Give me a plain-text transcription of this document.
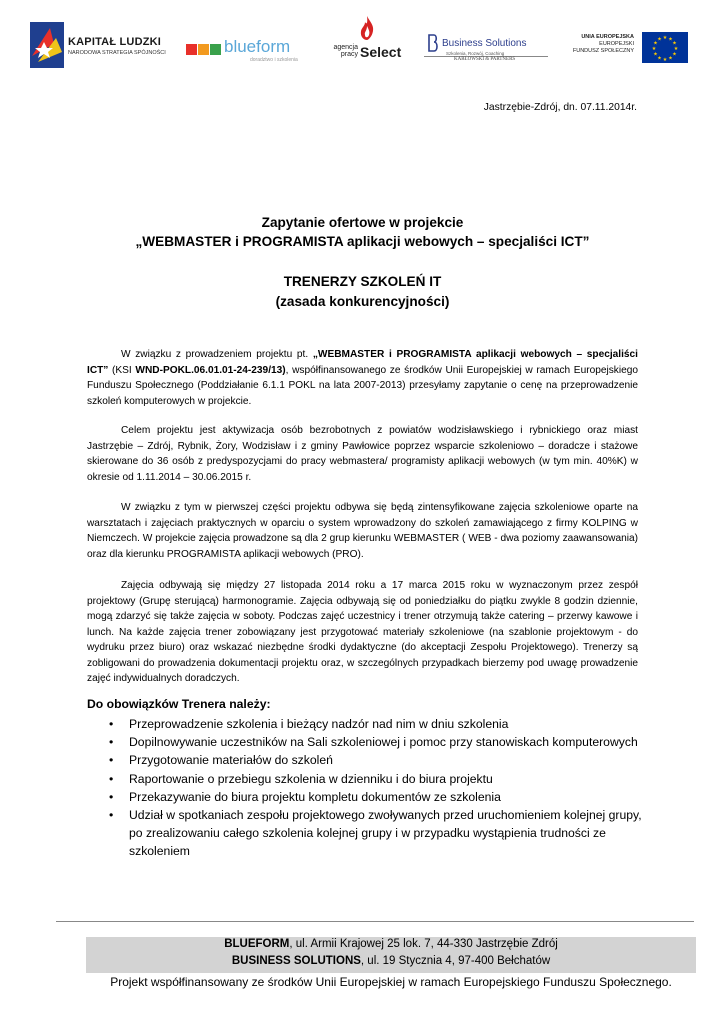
KAPITAŁ LUDZKI
NARODOWA STRATEGIA SPÓJNOŚCI	blueform
doradztwo i szkolenia
agencja
pracy Select
Business Solutions
Szkolenia, Rozwój, Coaching
KARŁOWSKI & PARTNERS
UNIA EUROPEJSKA
EUROPEJSKI
FUNDUSZ SPOŁECZNY
★ ★
★
★
★
★
★
★
★
★
★
★
Jastrzębie-Zdrój, dn. 07.11.2014r.
Zapytanie ofertowe w projekcie
„WEBMASTER i PROGRAMISTA aplikacji webowych – specjaliści ICT”
TRENERZY SZKOLEŃ IT
(zasada konkurencyjności)
W związku z prowadzeniem projektu pt. „WEBMASTER i PROGRAMISTA aplikacji webowych – specjaliści ICT” (KSI WND-POKL.06.01.01-24-239/13), współfinansowanego ze środków Unii Europejskiej w ramach Europejskiego Funduszu Społecznego (Poddziałanie 6.1.1 POKL na lata 2007-2013) przesyłamy zapytanie o cenę na przeprowadzenie szkoleń komputerowych w projekcie.
Celem projektu jest aktywizacja osób bezrobotnych z powiatów wodzisławskiego i rybnickiego oraz miast Jastrzębie – Zdrój, Rybnik, Żory, Wodzisław i z gminy Pawłowice poprzez wsparcie szkoleniowo – doradcze i stażowe skierowane do 36 osób z predyspozycjami do pracy webmastera/ programisty aplikacji webowych (w tym min. 40%K) w okresie od 1.11.2014 – 30.06.2015 r.
W związku z tym w pierwszej części projektu odbywa się będą zintensyfikowane zajęcia szkoleniowe oparte na warsztatach i zajęciach praktycznych w oparciu o system wprowadzony do szkoleń zamawiającego z firmy KOLPING w Niemczech. W projekcie zajęcia prowadzone są dla 2 grup kierunku WEBMASTER ( WEB - dwa poziomy zaawansowania) oraz dla kierunku PROGRAMISTA aplikacji webowych (PRO).
Zajęcia odbywają się między 27 listopada 2014 roku a 17 marca 2015 roku w wyznaczonym przez zespół projektowy (Grupę sterującą) harmonogramie. Zajęcia odbywają się od poniedziałku do piątku zwykle 8 godzin dziennie, mogą zdarzyć się także zajęcia w soboty. Podczas zajęć uczestnicy i trener otrzymują także catering – przerwy kawowe i lunch. Na każde zajęcia trener zobowiązany jest przygotować materiały szkoleniowe (na szablonie projektowym - do wydruku przez biuro) oraz wskazać niezbędne środki dydaktyczne (do akceptacji Zespołu Projektowego). Trenerzy są zobligowani do prowadzenia dokumentacji projektu oraz, w szczególnych przypadkach bierzemy pod uwagę prowadzenie zajęć indywidualnych doradczych.
Do obowiązków Trenera należy:
• Przeprowadzenie szkolenia i bieżący nadzór nad nim w dniu szkolenia
• Dopilnowywanie uczestników na Sali szkoleniowej i pomoc przy stanowiskach komputerowych
• Przygotowanie materiałów do szkoleń
• Raportowanie o przebiegu szkolenia w dzienniku i do biura projektu
• Przekazywanie do biura projektu kompletu dokumentów ze szkolenia
• Udział w spotkaniach zespołu projektowego zwoływanych przed uruchomieniem kolejnej grupy, po zrealizowaniu całego szkolenia kolejnej grupy i w przypadku wystąpienia trudności ze szkoleniem
BLUEFORM, ul. Armii Krajowej 25 lok. 7, 44-330 Jastrzębie Zdrój
BUSINESS SOLUTIONS, ul. 19 Stycznia 4, 97-400 Bełchatów
Projekt współfinansowany ze środków Unii Europejskiej w ramach Europejskiego Funduszu Społecznego.
